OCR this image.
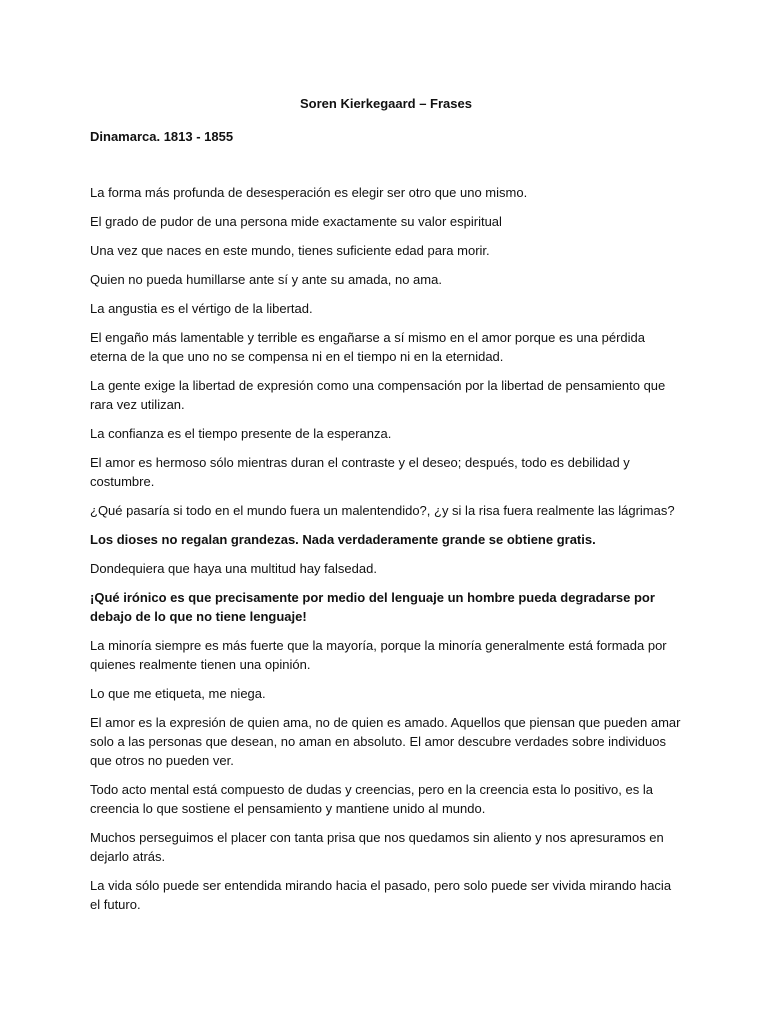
Soren Kierkegaard – Frases
Dinamarca. 1813 - 1855

La forma más profunda de desesperación es elegir ser otro que uno mismo.

El grado de pudor de una persona mide exactamente su valor espiritual

Una vez que naces en este mundo, tienes suficiente edad para morir.

Quien no pueda humillarse ante sí y ante su amada, no ama.

La angustia es el vértigo de la libertad.

El engaño más lamentable y terrible es engañarse a sí mismo en el amor porque es una pérdida eterna de la que uno no se compensa ni en el tiempo ni en la eternidad.

La gente exige la libertad de expresión como una compensación por la libertad de pensamiento que rara vez utilizan.

La confianza es el tiempo presente de la esperanza.

El amor es hermoso sólo mientras duran el contraste y el deseo; después, todo es debilidad y costumbre.

¿Qué pasaría si todo en el mundo fuera un malentendido?, ¿y si la risa fuera realmente las lágrimas?

Los dioses no regalan grandezas. Nada verdaderamente grande se obtiene gratis.

Dondequiera que haya una multitud hay falsedad.

¡Qué irónico es que precisamente por medio del lenguaje un hombre pueda degradarse por debajo de lo que no tiene lenguaje!

La minoría siempre es más fuerte que la mayoría, porque la minoría generalmente está formada por quienes realmente tienen una opinión.

Lo que me etiqueta, me niega.

El amor es la expresión de quien ama, no de quien es amado. Aquellos que piensan que pueden amar solo a las personas que desean, no aman en absoluto. El amor descubre verdades sobre individuos que otros no pueden ver.

Todo acto mental está compuesto de dudas y creencias, pero en la creencia esta lo positivo, es la creencia lo que sostiene el pensamiento y mantiene unido al mundo.

Muchos perseguimos el placer con tanta prisa que nos quedamos sin aliento y nos apresuramos en dejarlo atrás.

La vida sólo puede ser entendida mirando hacia el pasado, pero solo puede ser vivida mirando hacia el futuro.
